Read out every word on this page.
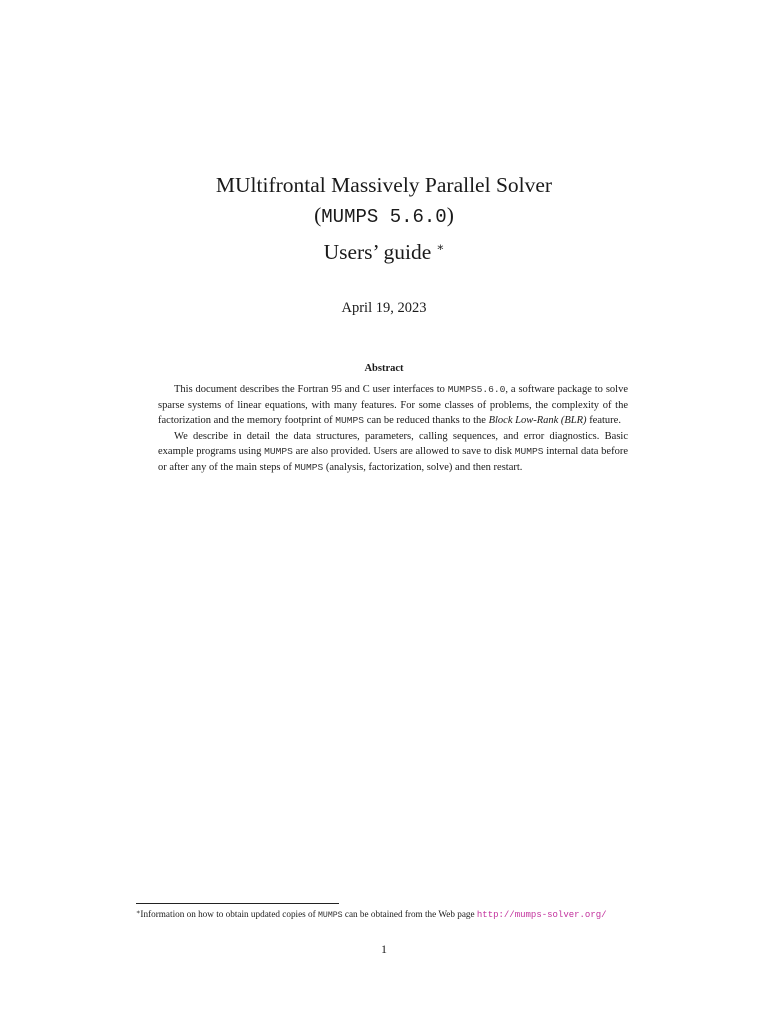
MUltifrontal Massively Parallel Solver
(MUMPS 5.6.0)
Users’ guide ∗
April 19, 2023
Abstract

This document describes the Fortran 95 and C user interfaces to MUMPS5.6.0, a software package to solve sparse systems of linear equations, with many features. For some classes of problems, the complexity of the factorization and the memory footprint of MUMPS can be reduced thanks to the Block Low-Rank (BLR) feature.

We describe in detail the data structures, parameters, calling sequences, and error diagnostics. Basic example programs using MUMPS are also provided. Users are allowed to save to disk MUMPS internal data before or after any of the main steps of MUMPS (analysis, factorization, solve) and then restart.

∗Information on how to obtain updated copies of MUMPS can be obtained from the Web page http://mumps-solver.org/
1
